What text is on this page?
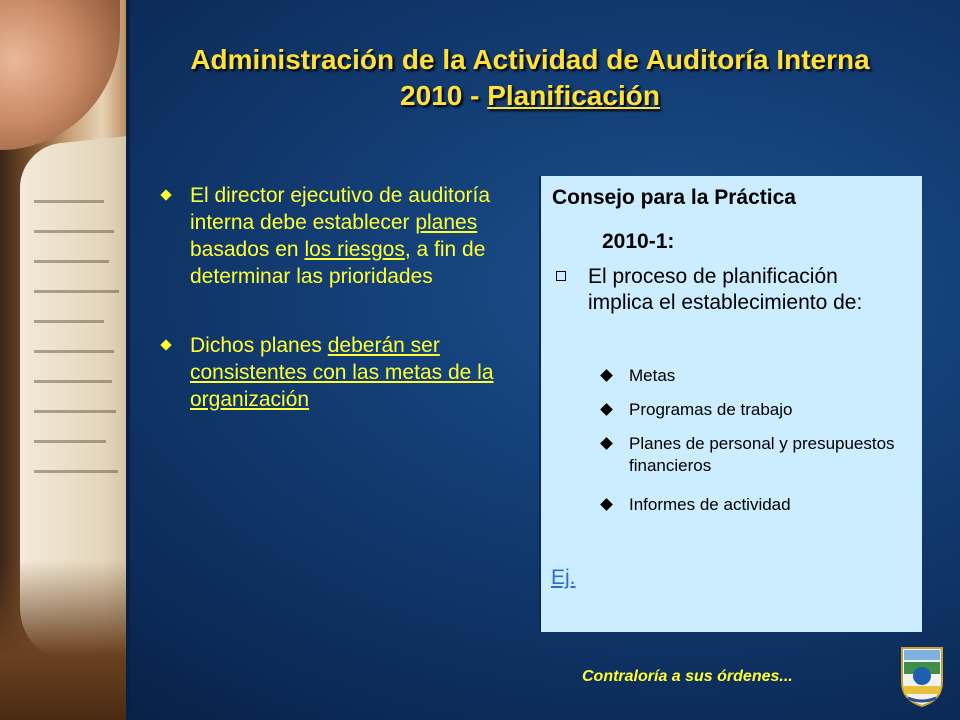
Administración de la Actividad de Auditoría Interna
2010 - Planificación
El director ejecutivo de auditoría interna debe establecer planes basados en los riesgos, a fin de determinar las prioridades
Dichos planes deberán ser consistentes con las metas de la organización
Consejo para la Práctica
2010-1:
El proceso de planificación implica el establecimiento de:
Metas
Programas de trabajo
Planes de personal y presupuestos financieros
Informes de actividad
Ej.
Contraloría a sus órdenes...
